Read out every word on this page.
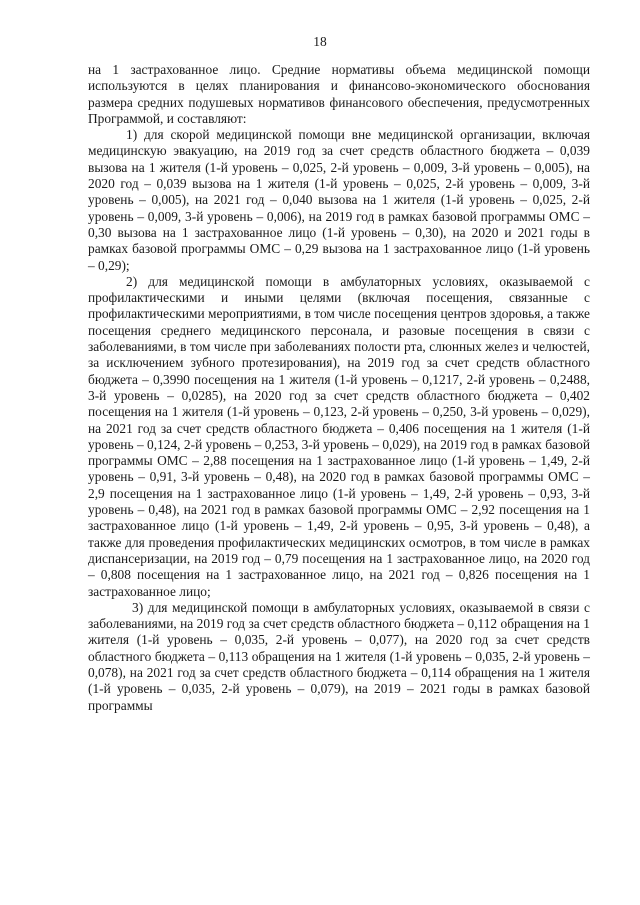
18

на 1 застрахованное лицо. Средние нормативы объема медицинской помощи используются в целях планирования и финансово-экономического обоснования размера средних подушевых нормативов финансового обеспечения, предусмотренных Программой, и составляют:

1) для скорой медицинской помощи вне медицинской организации, включая медицинскую эвакуацию, на 2019 год за счет средств областного бюджета – 0,039 вызова на 1 жителя (1-й уровень – 0,025, 2-й уровень – 0,009, 3-й уровень – 0,005), на 2020 год – 0,039 вызова на 1 жителя (1-й уровень – 0,025, 2-й уровень – 0,009, 3-й уровень – 0,005), на 2021 год – 0,040 вызова на 1 жителя (1-й уровень – 0,025, 2-й уровень – 0,009, 3-й уровень – 0,006), на 2019 год в рамках базовой программы ОМС – 0,30 вызова на 1 застрахованное лицо (1-й уровень – 0,30), на 2020 и 2021 годы в рамках базовой программы ОМС – 0,29 вызова на 1 застрахованное лицо (1-й уровень – 0,29);

2) для медицинской помощи в амбулаторных условиях, оказываемой с профилактическими и иными целями (включая посещения, связанные с профилактическими мероприятиями, в том числе посещения центров здоровья, а также посещения среднего медицинского персонала, и разовые посещения в связи с заболеваниями, в том числе при заболеваниях полости рта, слюнных желез и челюстей, за исключением зубного протезирования), на 2019 год за счет средств областного бюджета – 0,3990 посещения на 1 жителя (1-й уровень – 0,1217, 2-й уровень – 0,2488, 3-й уровень – 0,0285), на 2020 год за счет средств областного бюджета – 0,402 посещения на 1 жителя (1-й уровень – 0,123, 2-й уровень – 0,250, 3-й уровень – 0,029), на 2021 год за счет средств областного бюджета – 0,406 посещения на 1 жителя (1-й уровень – 0,124, 2-й уровень – 0,253, 3-й уровень – 0,029), на 2019 год в рамках базовой программы ОМС – 2,88 посещения на 1 застрахованное лицо (1-й уровень – 1,49, 2-й уровень – 0,91, 3-й уровень – 0,48), на 2020 год в рамках базовой программы ОМС – 2,9 посещения на 1 застрахованное лицо (1-й уровень – 1,49, 2-й уровень – 0,93, 3-й уровень – 0,48), на 2021 год в рамках базовой программы ОМС – 2,92 посещения на 1 застрахованное лицо (1-й уровень – 1,49, 2-й уровень – 0,95, 3-й уровень – 0,48), а также для проведения профилактических медицинских осмотров, в том числе в рамках диспансеризации, на 2019 год – 0,79 посещения на 1 застрахованное лицо, на 2020 год – 0,808 посещения на 1 застрахованное лицо, на 2021 год – 0,826 посещения на 1 застрахованное лицо;

3) для медицинской помощи в амбулаторных условиях, оказываемой в связи с заболеваниями, на 2019 год за счет средств областного бюджета – 0,112 обращения на 1 жителя (1-й уровень – 0,035, 2-й уровень – 0,077), на 2020 год за счет средств областного бюджета – 0,113 обращения на 1 жителя (1-й уровень – 0,035, 2-й уровень – 0,078), на 2021 год за счет средств областного бюджета – 0,114 обращения на 1 жителя (1-й уровень – 0,035, 2-й уровень – 0,079), на 2019 – 2021 годы в рамках базовой программы
